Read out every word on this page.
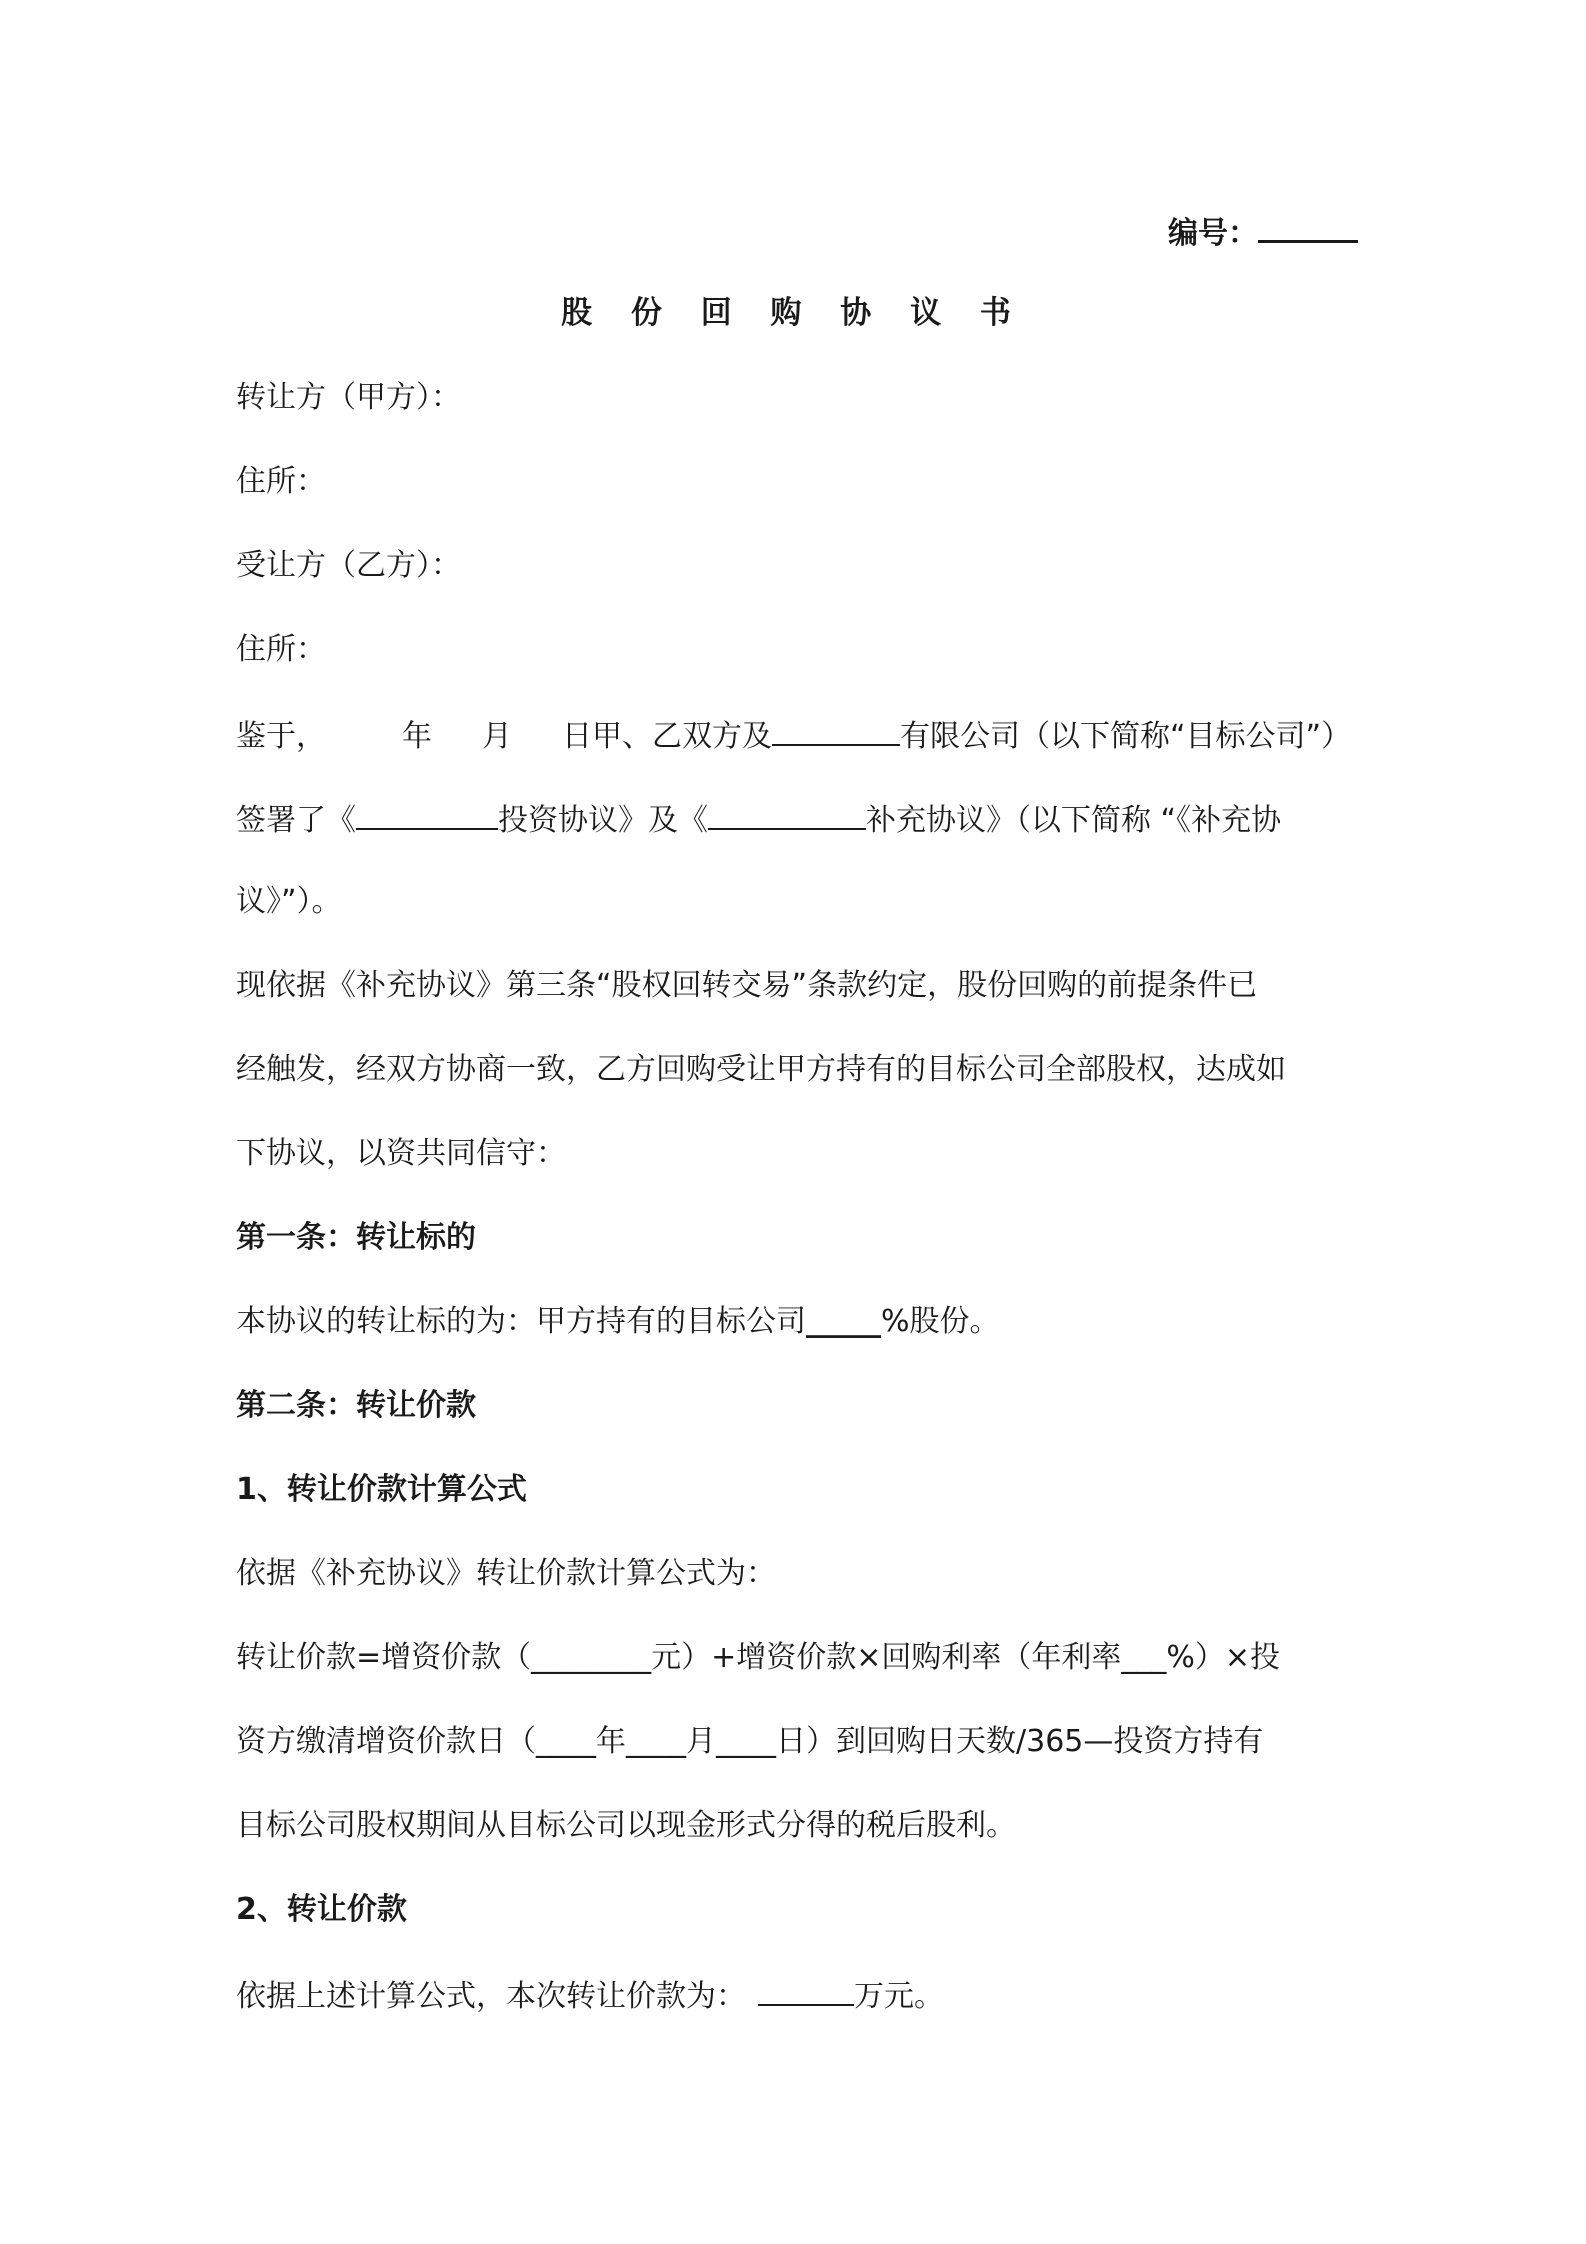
编号：
股 份 回 购 协 议 书
转让方（甲方）：
住所：
受让方（乙方）：
住所：
鉴于，	年 月 日甲、乙双方及	有限公司（以下简称“目标公司”）
签署了《	投资协议》及《	补充协议》（以下简称 “《补充协
议》”）。
现依据《补充协议》第三条“股权回转交易”条款约定，股份回购的前提条件已
经触发，经双方协商一致，乙方回购受让甲方持有的目标公司全部股权，达成如
下协议，以资共同信守：
第一条：转让标的
本协议的转让标的为：甲方持有的目标公司_____%股份。
第二条：转让价款
1、转让价款计算公式
依据《补充协议》转让价款计算公式为：
转让价款=增资价款（________元）+增资价款×回购利率（年利率___%）×投
资方缴清增资价款日（____年____月____日）到回购日天数/365—投资方持有
目标公司股权期间从目标公司以现金形式分得的税后股利。
2、转让价款
依据上述计算公式，本次转让价款为：	万元。
